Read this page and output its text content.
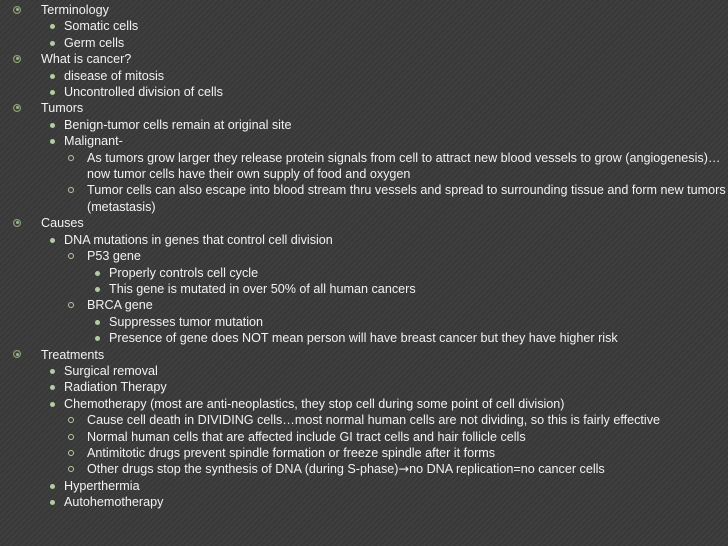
Terminology
Somatic cells
Germ cells
What is cancer?
disease of mitosis
Uncontrolled division of cells
Tumors
Benign-tumor cells remain at original site
Malignant-
As tumors grow larger they release protein signals from cell to attract new blood vessels to grow (angiogenesis)…now tumor cells have their own supply of food and oxygen
Tumor cells can also escape into blood stream thru vessels and spread to surrounding tissue and form new tumors (metastasis)
Causes
DNA mutations in genes that control cell division
P53 gene
Properly controls cell cycle
This gene is mutated in over 50% of all human cancers
BRCA gene
Suppresses tumor mutation
Presence of gene does NOT mean person will have breast cancer but they have higher risk
Treatments
Surgical removal
Radiation Therapy
Chemotherapy (most are anti-neoplastics, they stop cell during some point of cell division)
Cause cell death in DIVIDING cells…most normal human cells are not dividing, so this is fairly effective
Normal human cells that are affected include GI tract cells and hair follicle cells
Antimitotic drugs prevent spindle formation or freeze spindle after it forms
Other drugs stop the synthesis of DNA (during S-phase)→no DNA replication=no cancer cells
Hyperthermia
Autohemotherapy
